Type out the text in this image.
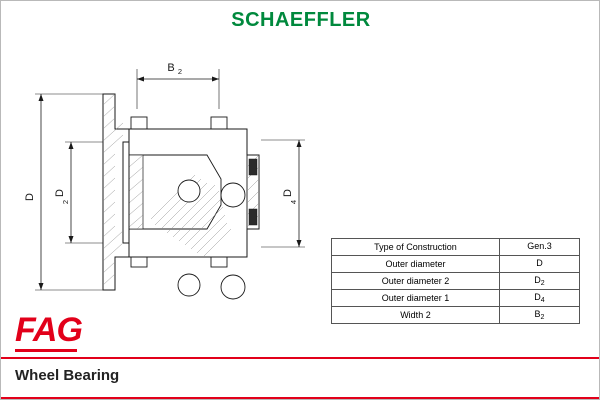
SCHAEFFLER
B 2
D
D
2
D
4
Type of Construction	Gen.3
Outer diameter	D
Outer diameter 2	$D_2$
Outer diameter 1	$D_4$
Width 2	$B_2$
FAG
Wheel Bearing
